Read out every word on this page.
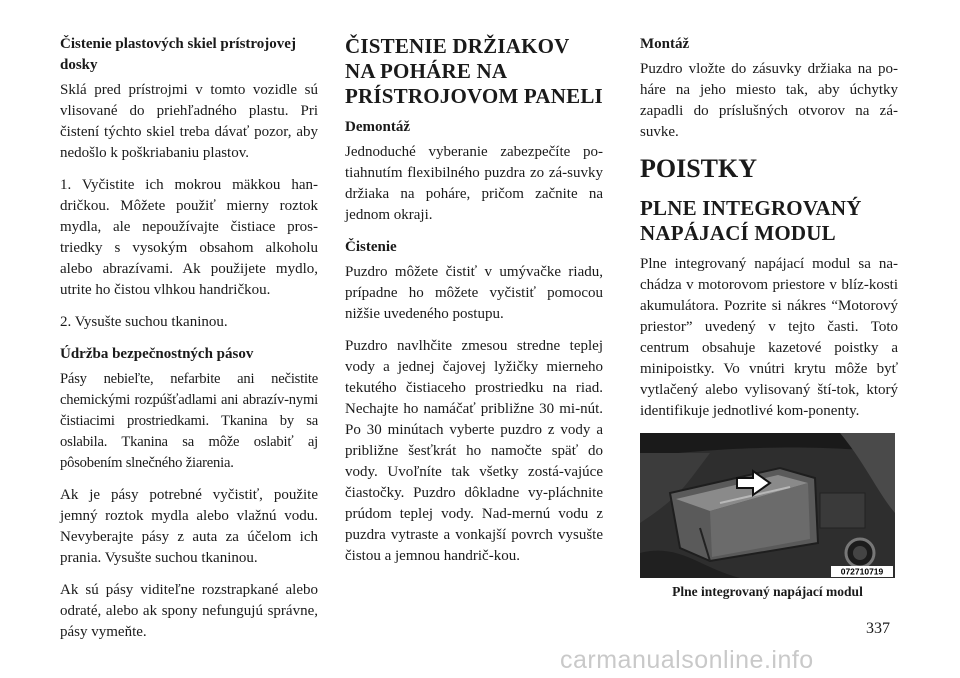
Čistenie plastových skiel prístrojovej dosky

Sklá pred prístrojmi v tomto vozidle sú vlisované do priehľadného plastu. Pri čistení týchto skiel treba dávať pozor, aby nedošlo k poškriabaniu plastov.

1. Vyčistite ich mokrou mäkkou han-dričkou. Môžete použiť mierny roztok mydla, ale nepoužívajte čistiace pros-triedky s vysokým obsahom alkoholu alebo abrazívami. Ak použijete mydlo, utrite ho čistou vlhkou handričkou.

2. Vysušte suchou tkaninou.

Údržba bezpečnostných pásov

Pásy nebieľte, nefarbite ani nečistite chemickými rozpúšťadlami ani abrazív-nymi čistiacimi prostriedkami. Tkanina by sa oslabila. Tkanina sa môže oslabiť aj pôsobením slnečného žiarenia.

Ak je pásy potrebné vyčistiť, použite jemný roztok mydla alebo vlažnú vodu. Nevyberajte pásy z auta za účelom ich prania. Vysušte suchou tkaninou.

Ak sú pásy viditeľne rozstrapkané alebo odraté, alebo ak spony nefungujú správne, pásy vymeňte.

ČISTENIE DRŽIAKOV NA POHÁRE NA PRÍSTROJOVOM PANELI
Demontáž

Jednoduché vyberanie zabezpečíte po-tiahnutím flexibilného puzdra zo zá-suvky držiaka na poháre, pričom začnite na jednom okraji.

Čistenie

Puzdro môžete čistiť v umývačke riadu, prípadne ho môžete vyčistiť pomocou nižšie uvedeného postupu.

Puzdro navlhčite zmesou stredne teplej vody a jednej čajovej lyžičky mierneho tekutého čistiaceho prostriedku na riad. Nechajte ho namáčať približne 30 mi-nút. Po 30 minútach vyberte puzdro z vody a približne šesťkrát ho namočte späť do vody. Uvoľníte tak všetky zostá-vajúce čiastočky. Puzdro dôkladne vy-pláchnite prúdom teplej vody. Nad-mernú vodu z puzdra vytraste a vonkajší povrch vysušte čistou a jemnou handrič-kou.

Montáž

Puzdro vložte do zásuvky držiaka na po-háre na jeho miesto tak, aby úchytky zapadli do príslušných otvorov na zá-suvke.

POISTKY
PLNE INTEGROVANÝ NAPÁJACÍ MODUL

Plne integrovaný napájací modul sa na-chádza v motorovom priestore v blíz-kosti akumulátora. Pozrite si nákres “Motorový priestor” uvedený v tejto časti. Toto centrum obsahuje kazetové poistky a minipoistky. Vo vnútri krytu môže byť vytlačený alebo vylisovaný ští-tok, ktorý identifikuje jednotlivé kom-ponenty.

072710719
Plne integrovaný napájací modul
337
carmanualsonline.info
